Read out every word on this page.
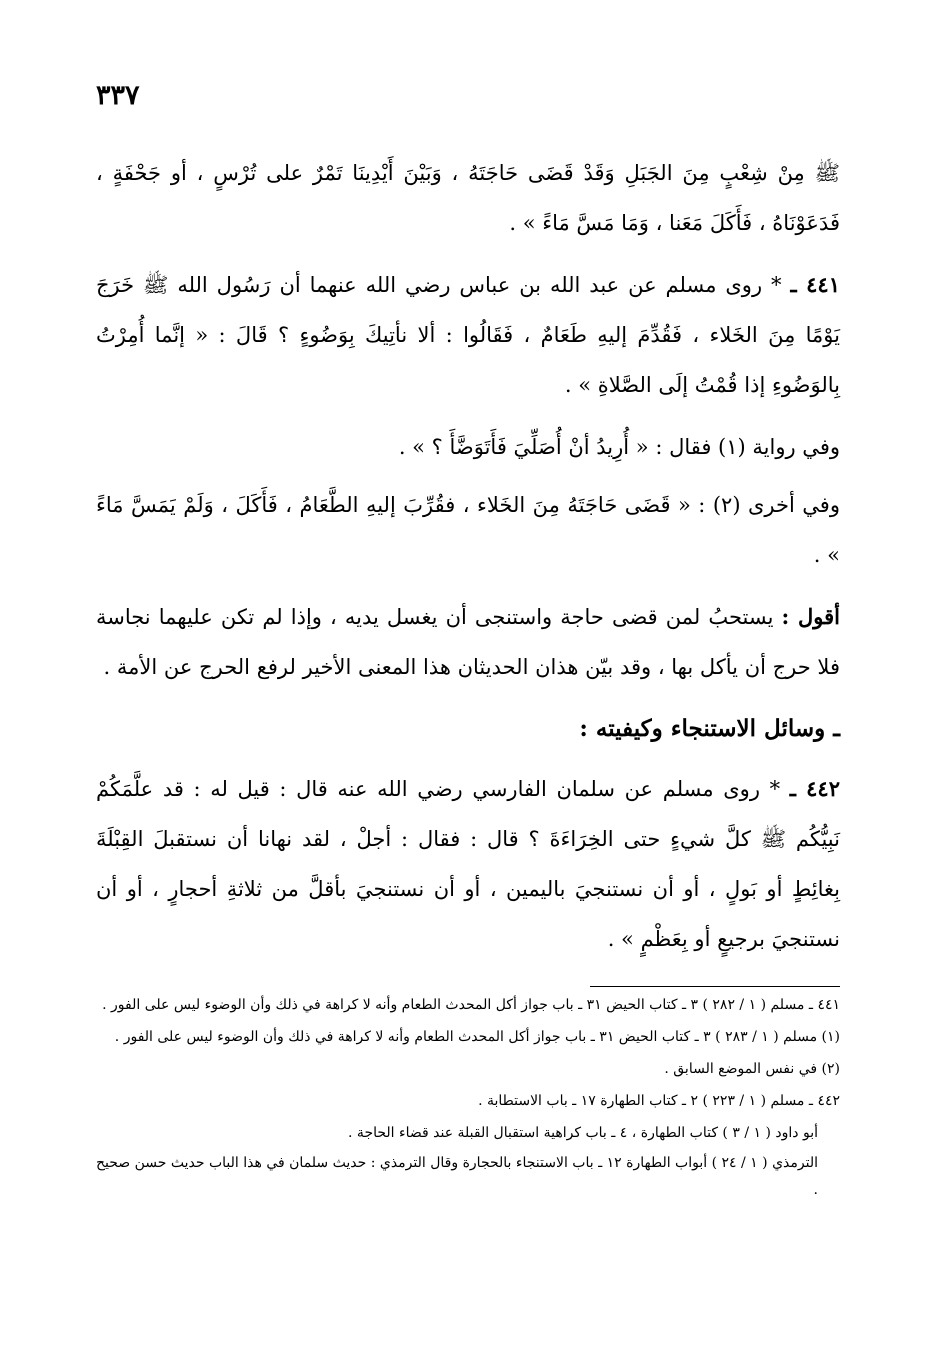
٣٣٧

ﷺ مِنْ شِعْبٍ مِنَ الجَبَلِ وَقَدْ قَضَى حَاجَتَهُ ، وَبَيْنَ أَيْدِينَا تَمْرٌ على تُرْسٍ ، أو جَحْفَةٍ ، فَدَعَوْنَاهُ ، فَأَكَلَ مَعَنا ، وَمَا مَسَّ مَاءً » .

٤٤١ ـ * روى مسلم عن عبد الله بن عباس رضي الله عنهما أن رَسُول الله ﷺ خَرَجَ يَوْمًا مِنَ الخَلاء ، فَقُدِّمَ إليهِ طَعَامٌ ، فَقَالُوا : ألا نأتِيكَ بِوَضُوءٍ ؟ قَالَ : « إنَّما أُمِرْتُ بِالوَضُوءِ إذا قُمْتُ إلَى الصَّلاةِ » .

وفي رواية (١) فقال : « أُرِيدُ أنْ أُصَلِّيَ فَأَتَوَضَّأَ ؟ » .

وفي أخرى (٢) : « قَضَى حَاجَتَهُ مِنَ الخَلاء ، فقُرِّبَ إليهِ الطَّعَامُ ، فَأَكَلَ ، وَلَمْ يَمَسَّ مَاءً » .

أقول : يستحبُ لمن قضى حاجة واستنجى أن يغسل يديه ، وإذا لم تكن عليهما نجاسة فلا حرج أن يأكل بها ، وقد بيّن هذان الحديثان هذا المعنى الأخير لرفع الحرج عن الأمة .

ـ وسائل الاستنجاء وكيفيته :

٤٤٢ ـ * روى مسلم عن سلمان الفارسي رضي الله عنه قال : قيل له : قد علَّمَكُمْ نَبِيُّكُم ﷺ كلَّ شيءٍ حتى الخِرَاءَةَ ؟ قال : فقال : أجلْ ، لقد نهانا أن نستقبلَ القِبْلَةَ بِغائِطٍ أو بَولٍ ، أو أن نستنجيَ باليمين ، أو أن نستنجيَ بأقلَّ من ثلاثةِ أحجارٍ ، أو أن نستنجيَ برجيعٍ أو بِعَظْمٍ » .

٤٤١ ـ مسلم ( ١ / ٢٨٢ ) ٣ ـ كتاب الحيض ٣١ ـ باب جواز أكل المحدث الطعام وأنه لا كراهة في ذلك وأن الوضوء ليس على الفور .

(١) مسلم ( ١ / ٢٨٣ ) ٣ ـ كتاب الحيض ٣١ ـ باب جواز أكل المحدث الطعام وأنه لا كراهة في ذلك وأن الوضوء ليس على الفور .

(٢) في نفس الموضع السابق .

٤٤٢ ـ مسلم ( ١ / ٢٢٣ ) ٢ ـ كتاب الطهارة ١٧ ـ باب الاستطابة .

أبو داود ( ١ / ٣ ) كتاب الطهارة ، ٤ ـ باب كراهية استقبال القبلة عند قضاء الحاجة .

الترمذي ( ١ / ٢٤ ) أبواب الطهارة ١٢ ـ باب الاستنجاء بالحجارة وقال الترمذي : حديث سلمان في هذا الباب حديث حسن صحيح .
